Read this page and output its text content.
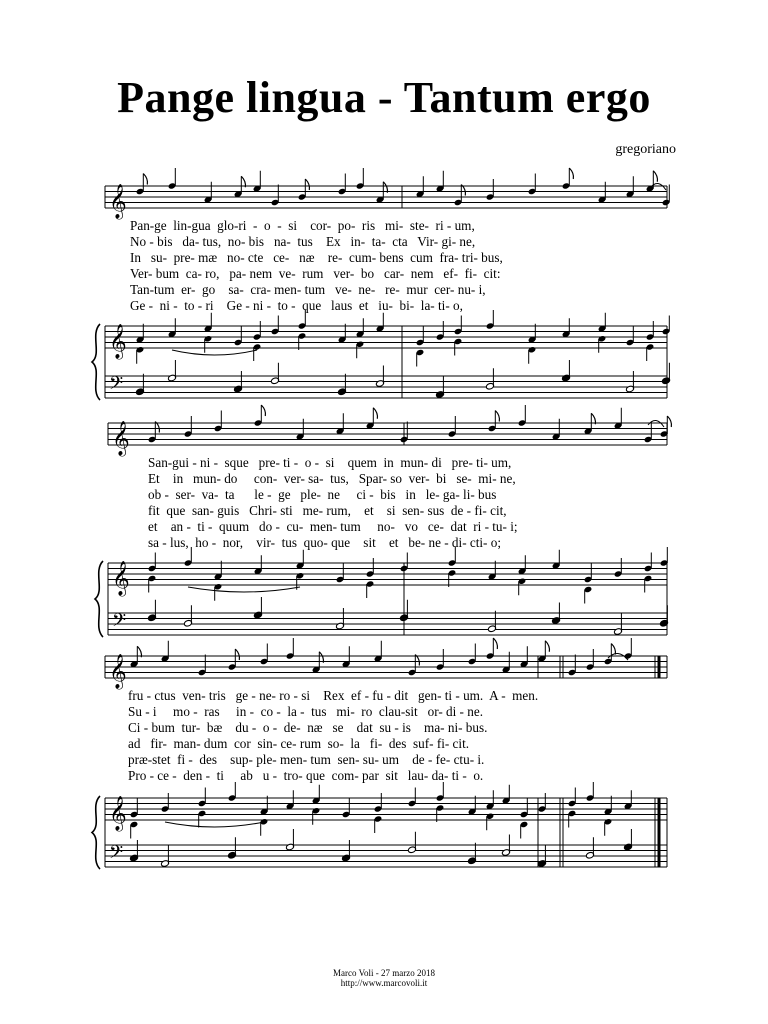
Pange lingua - Tantum ergo
gregoriano
𝄞
𝄞
𝄢
𝄞
𝄞
𝄢
𝄞
𝄞
𝄢
Pan-ge  lin-gua  glo-ri  -  o  -  si    cor-  po-  ris   mi-  ste-  ri - um,
No - bis   da- tus,  no- bis   na-  tus    Ex   in-  ta-  cta   Vir- gi- ne,
In   su-  pre- mæ   no- cte   ce-   næ    re-  cum- bens  cum  fra- tri- bus,
Ver- bum  ca- ro,   pa- nem  ve-  rum   ver-  bo   car-  nem   ef-  fi-  cit:
Tan-tum  er-  go    sa-  cra- men- tum   ve-  ne-   re-  mur  cer- nu- i,
Ge -  ni -  to - ri    Ge - ni -  to -  que   laus  et   iu-  bi-  la- ti- o,
San-gui - ni -  sque   pre- ti -  o -  si    quem  in  mun- di   pre- ti- um,
Et    in   mun- do     con-  ver- sa-  tus,   Spar- so  ver-  bi   se-  mi- ne,
ob -  ser-  va-  ta      le -  ge   ple-  ne     ci -  bis   in   le- ga- li- bus
fit  que  san- guis   Chri- sti   me- rum,    et    si  sen- sus  de - fi- cit,
et    an -  ti -  quum   do -  cu-  men- tum     no-   vo   ce-  dat  ri - tu- i;
sa - lus,  ho -  nor,    vir-  tus  quo- que    sit    et   be- ne - di- cti- o;
fru - ctus  ven- tris   ge - ne- ro - si    Rex  ef - fu - dit   gen- ti - um.  A -  men.
Su - i     mo -  ras     in -  co -  la -  tus   mi-  ro  clau-sit   or- di - ne.
Ci - bum  tur-  bæ    du -  o -  de-  næ   se    dat  su - is    ma- ni- bus.
ad   fir-  man- dum  cor  sin- ce- rum  so-  la   fi-  des  suf- fi- cit.
præ-stet  fi -  des    sup- ple- men- tum  sen- su- um    de - fe- ctu- i.
Pro - ce -  den -  ti     ab   u -  tro- que  com- par  sit   lau- da- ti -  o.
Marco Voli - 27 marzo 2018
http://www.marcovoli.it
